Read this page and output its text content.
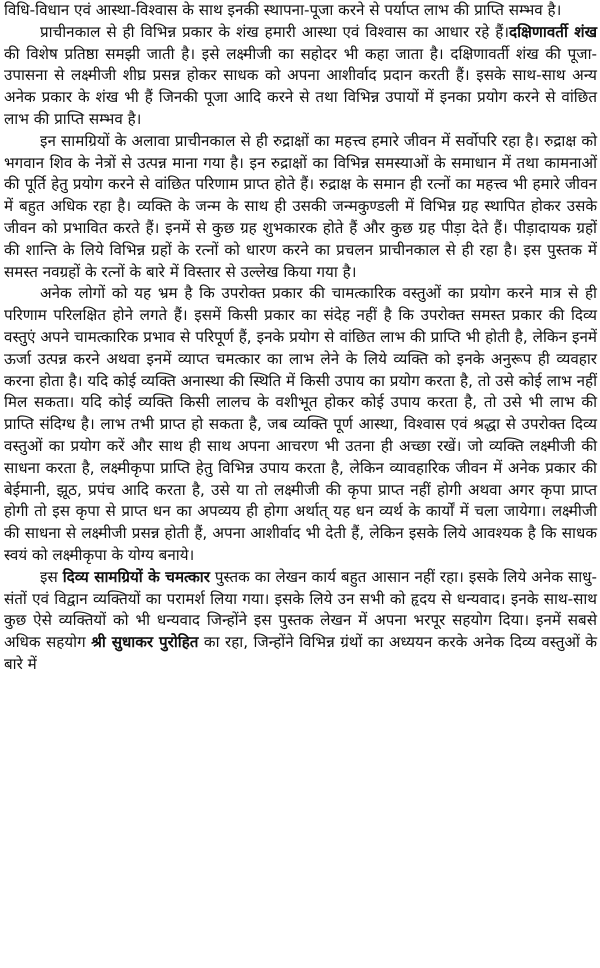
विधि-विधान एवं आस्था-विश्वास के साथ इनकी स्थापना-पूजा करने से पर्याप्त लाभ की प्राप्ति सम्भव है।

प्राचीनकाल से ही विभिन्न प्रकार के शंख हमारी आस्था एवं विश्वास का आधार रहे हैं।दक्षिणावर्ती शंख की विशेष प्रतिष्ठा समझी जाती है। इसे लक्ष्मीजी का सहोदर भी कहा जाता है। दक्षिणावर्ती शंख की पूजा-उपासना से लक्ष्मीजी शीघ्र प्रसन्न होकर साधक को अपना आशीर्वाद प्रदान करती हैं। इसके साथ-साथ अन्य अनेक प्रकार के शंख भी हैं जिनकी पूजा आदि करने से तथा विभिन्न उपायों में इनका प्रयोग करने से वांछित लाभ की प्राप्ति सम्भव है।

इन सामग्रियों के अलावा प्राचीनकाल से ही रुद्राक्षों का महत्त्व हमारे जीवन में सर्वोपरि रहा है। रुद्राक्ष को भगवान शिव के नेत्रों से उत्पन्न माना गया है। इन रुद्राक्षों का विभिन्न समस्याओं के समाधान में तथा कामनाओं की पूर्ति हेतु प्रयोग करने से वांछित परिणाम प्राप्त होते हैं। रुद्राक्ष के समान ही रत्नों का महत्त्व भी हमारे जीवन में बहुत अधिक रहा है। व्यक्ति के जन्म के साथ ही उसकी जन्मकुण्डली में विभिन्न ग्रह स्थापित होकर उसके जीवन को प्रभावित करते हैं। इनमें से कुछ ग्रह शुभकारक होते हैं और कुछ ग्रह पीड़ा देते हैं। पीड़ादायक ग्रहों की शान्ति के लिये विभिन्न ग्रहों के रत्नों को धारण करने का प्रचलन प्राचीनकाल से ही रहा है। इस पुस्तक में समस्त नवग्रहों के रत्नों के बारे में विस्तार से उल्लेख किया गया है।

अनेक लोगों को यह भ्रम है कि उपरोक्त प्रकार की चामत्कारिक वस्तुओं का प्रयोग करने मात्र से ही परिणाम परिलक्षित होने लगते हैं। इसमें किसी प्रकार का संदेह नहीं है कि उपरोक्त समस्त प्रकार की दिव्य वस्तुएं अपने चामत्कारिक प्रभाव से परिपूर्ण हैं, इनके प्रयोग से वांछित लाभ की प्राप्ति भी होती है, लेकिन इनमें ऊर्जा उत्पन्न करने अथवा इनमें व्याप्त चमत्कार का लाभ लेने के लिये व्यक्ति को इनके अनुरूप ही व्यवहार करना होता है। यदि कोई व्यक्ति अनास्था की स्थिति में किसी उपाय का प्रयोग करता है, तो उसे कोई लाभ नहीं मिल सकता। यदि कोई व्यक्ति किसी लालच के वशीभूत होकर कोई उपाय करता है, तो उसे भी लाभ की प्राप्ति संदिग्ध है। लाभ तभी प्राप्त हो सकता है, जब व्यक्ति पूर्ण आस्था, विश्वास एवं श्रद्धा से उपरोक्त दिव्य वस्तुओं का प्रयोग करें और साथ ही साथ अपना आचरण भी उतना ही अच्छा रखें। जो व्यक्ति लक्ष्मीजी की साधना करता है, लक्ष्मीकृपा प्राप्ति हेतु विभिन्न उपाय करता है, लेकिन व्यावहारिक जीवन में अनेक प्रकार की बेईमानी, झूठ, प्रपंच आदि करता है, उसे या तो लक्ष्मीजी की कृपा प्राप्त नहीं होगी अथवा अगर कृपा प्राप्त होगी तो इस कृपा से प्राप्त धन का अपव्यय ही होगा अर्थात् यह धन व्यर्थ के कार्यों में चला जायेगा। लक्ष्मीजी की साधना से लक्ष्मीजी प्रसन्न होती हैं, अपना आशीर्वाद भी देती हैं, लेकिन इसके लिये आवश्यक है कि साधक स्वयं को लक्ष्मीकृपा के योग्य बनाये।

इस दिव्य सामग्रियों के चमत्कार पुस्तक का लेखन कार्य बहुत आसान नहीं रहा। इसके लिये अनेक साधु-संतों एवं विद्वान व्यक्तियों का परामर्श लिया गया। इसके लिये उन सभी को हृदय से धन्यवाद। इनके साथ-साथ कुछ ऐसे व्यक्तियों को भी धन्यवाद जिन्होंने इस पुस्तक लेखन में अपना भरपूर सहयोग दिया। इनमें सबसे अधिक सहयोग श्री सुधाकर पुरोहित का रहा, जिन्होंने विभिन्न ग्रंथों का अध्ययन करके अनेक दिव्य वस्तुओं के बारे में
